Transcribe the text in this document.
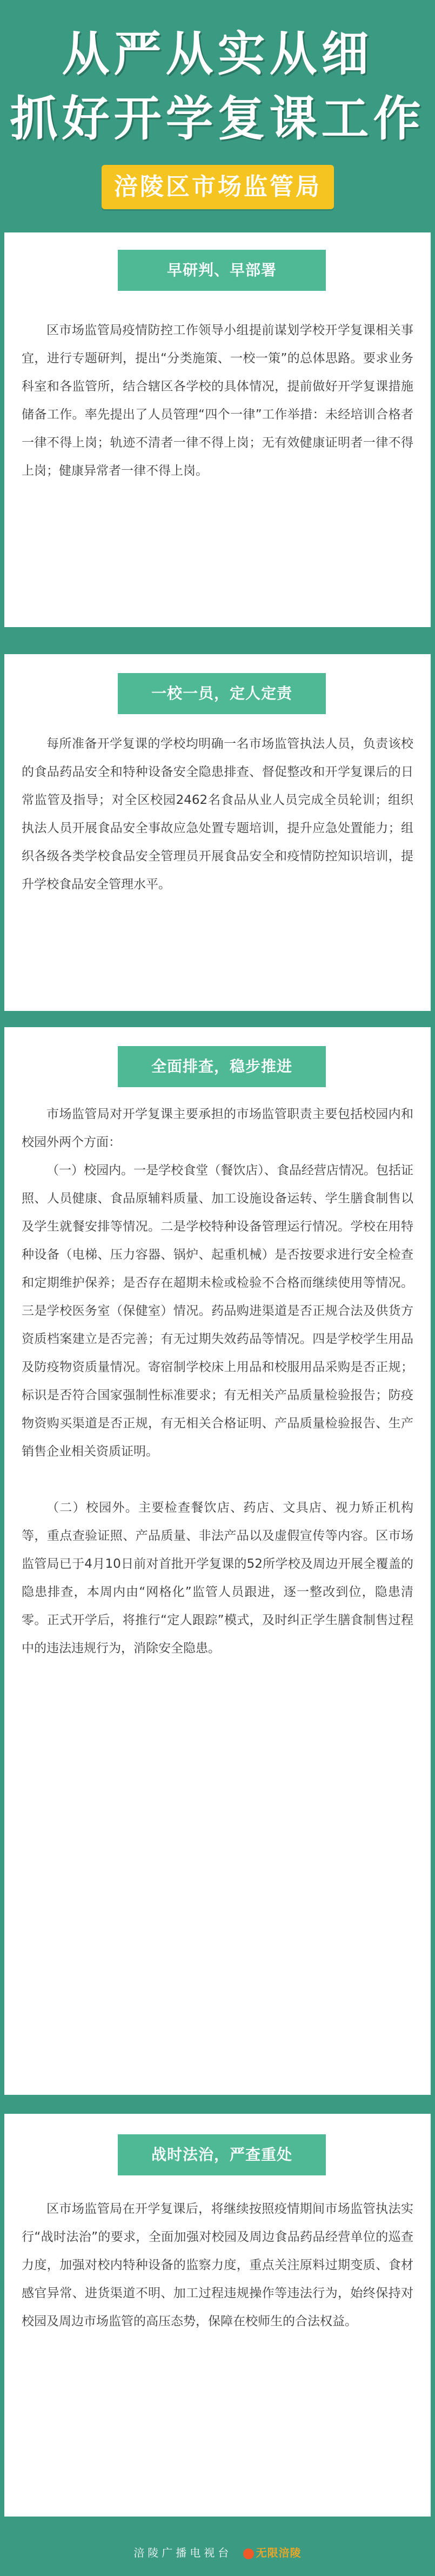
从严从实从细
抓好开学复课工作
涪陵区市场监管局
早研判、早部署

区市场监管局疫情防控工作领导小组提前谋划学校开学复课相关事宜，进行专题研判，提出“分类施策、一校一策”的总体思路。要求业务科室和各监管所，结合辖区各学校的具体情况，提前做好开学复课措施储备工作。率先提出了人员管理“四个一律”工作举措：未经培训合格者一律不得上岗；轨迹不清者一律不得上岗；无有效健康证明者一律不得上岗；健康异常者一律不得上岗。

一校一员，定人定责

每所准备开学复课的学校均明确一名市场监管执法人员，负责该校的食品药品安全和特种设备安全隐患排查、督促整改和开学复课后的日常监管及指导；对全区校园2462名食品从业人员完成全员轮训；组织执法人员开展食品安全事故应急处置专题培训，提升应急处置能力；组织各级各类学校食品安全管理员开展食品安全和疫情防控知识培训，提升学校食品安全管理水平。

全面排查，稳步推进

市场监管局对开学复课主要承担的市场监管职责主要包括校园内和校园外两个方面：

（一）校园内。一是学校食堂（餐饮店）、食品经营店情况。包括证照、人员健康、食品原辅料质量、加工设施设备运转、学生膳食制售以及学生就餐安排等情况。二是学校特种设备管理运行情况。学校在用特种设备（电梯、压力容器、锅炉、起重机械）是否按要求进行安全检查和定期维护保养；是否存在超期未检或检验不合格而继续使用等情况。三是学校医务室（保健室）情况。药品购进渠道是否正规合法及供货方资质档案建立是否完善；有无过期失效药品等情况。四是学校学生用品及防疫物资质量情况。寄宿制学校床上用品和校服用品采购是否正规；标识是否符合国家强制性标准要求；有无相关产品质量检验报告；防疫物资购买渠道是否正规，有无相关合格证明、产品质量检验报告、生产销售企业相关资质证明。

（二）校园外。主要检查餐饮店、药店、文具店、视力矫正机构等，重点查验证照、产品质量、非法产品以及虚假宣传等内容。区市场监管局已于4月10日前对首批开学复课的52所学校及周边开展全覆盖的隐患排查，本周内由“网格化”监管人员跟进，逐一整改到位，隐患清零。正式开学后，将推行“定人跟踪”模式，及时纠正学生膳食制售过程中的违法违规行为，消除安全隐患。

战时法治，严查重处

区市场监管局在开学复课后，将继续按照疫情期间市场监管执法实行“战时法治”的要求，全面加强对校园及周边食品药品经营单位的巡查力度，加强对校内特种设备的监察力度，重点关注原料过期变质、食材感官异常、进货渠道不明、加工过程违规操作等违法行为，始终保持对校园及周边市场监管的高压态势，保障在校师生的合法权益。

涪陵广播电视台 无限涪陵
